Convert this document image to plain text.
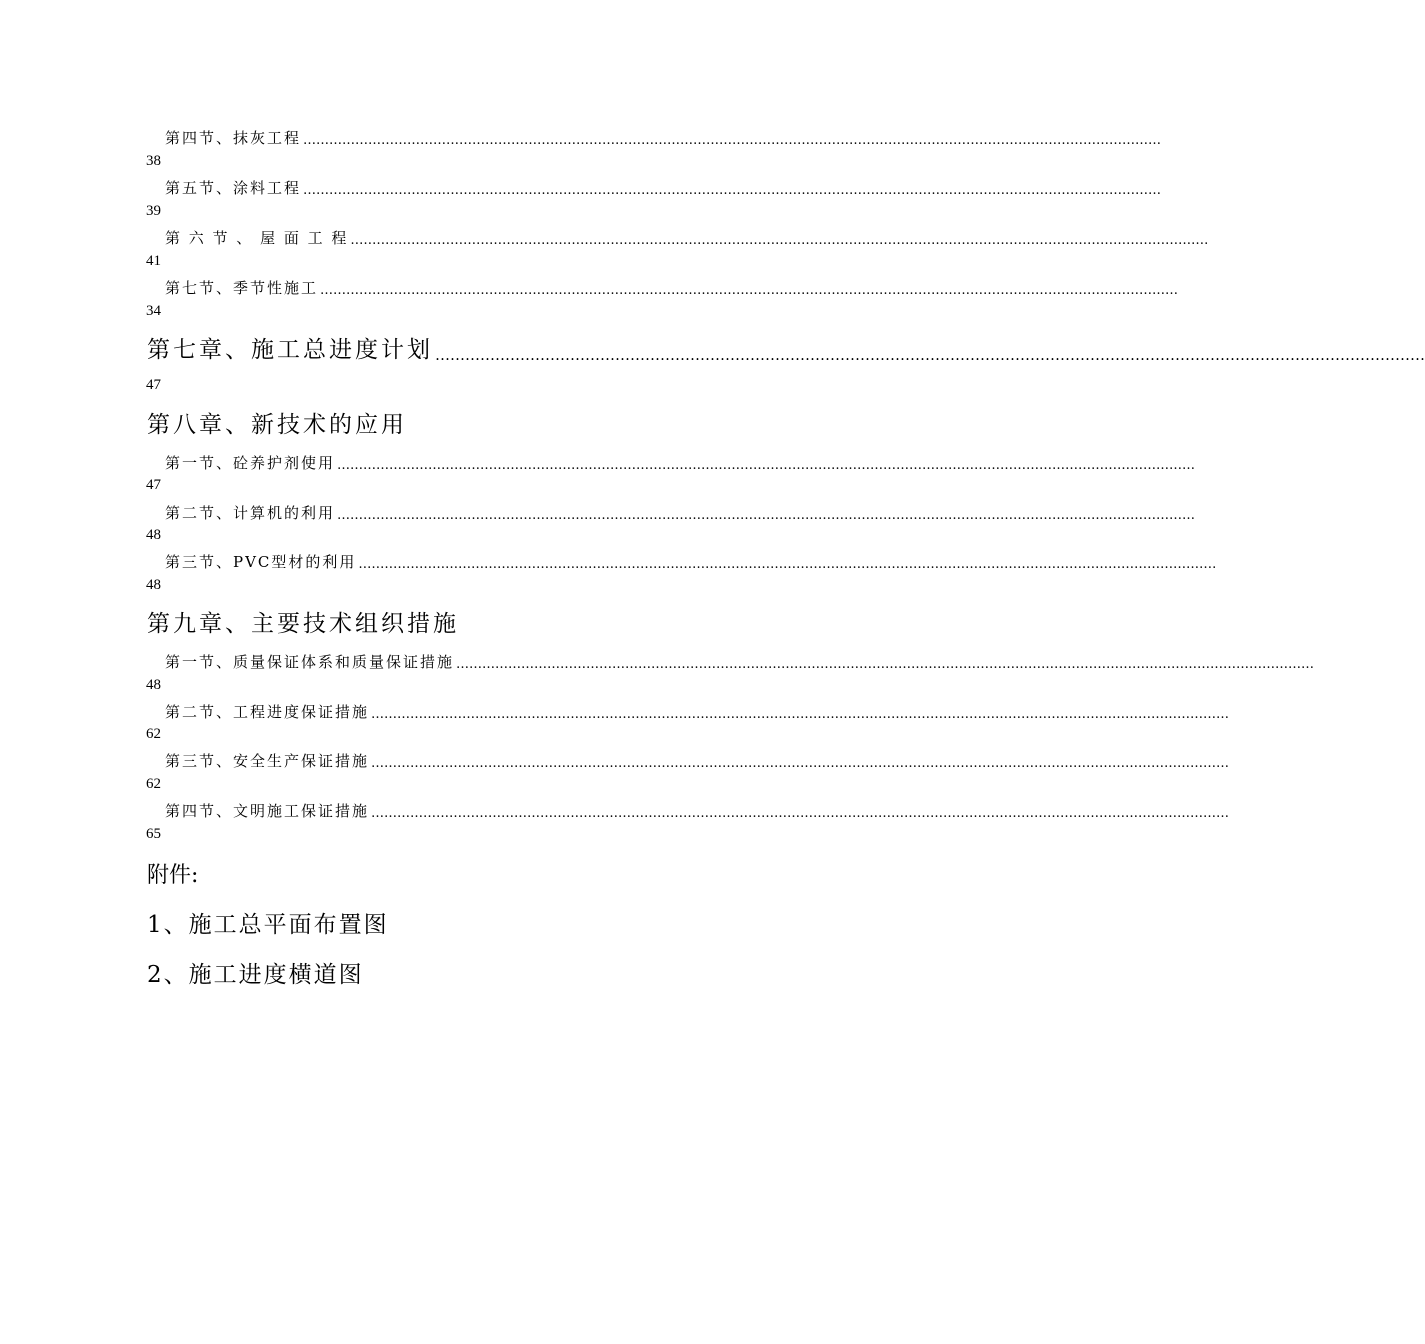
第四节、抹灰工程 ………………………………………………………………………………………………………………………………………………………………………………
38
第五节、涂料工程 ………………………………………………………………………………………………………………………………………………………………………………
39
第 六 节 、 屋 面 工 程 ………………………………………………………………………………………………………………………………………………………………………………
41
第七节、季节性施工 ………………………………………………………………………………………………………………………………………………………………………………
34
第七章、施工总进度计划 ………………………………………………………………………………………………………………………………………………………………………………
47
第八章、新技术的应用
第一节、砼养护剂使用 ………………………………………………………………………………………………………………………………………………………………………………
47
第二节、计算机的利用 ………………………………………………………………………………………………………………………………………………………………………………
48
第三节、PVC型材的利用 ………………………………………………………………………………………………………………………………………………………………………………
48
第九章、主要技术组织措施
第一节、质量保证体系和质量保证措施 ………………………………………………………………………………………………………………………………………………………………………………
48
第二节、工程进度保证措施 ………………………………………………………………………………………………………………………………………………………………………………
62
第三节、安全生产保证措施 ………………………………………………………………………………………………………………………………………………………………………………
62
第四节、文明施工保证措施 ………………………………………………………………………………………………………………………………………………………………………………
65
附件:
1、施工总平面布置图
2、施工进度横道图
